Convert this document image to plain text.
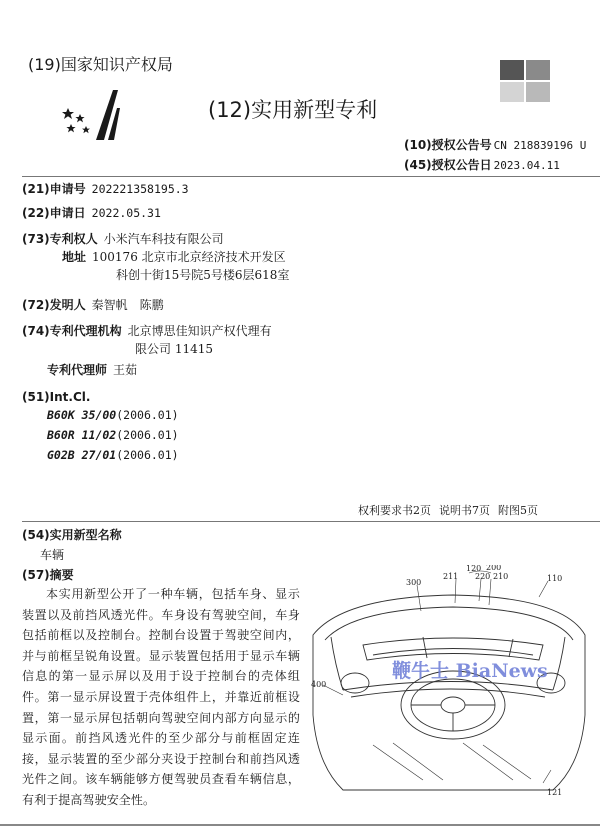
(19)国家知识产权局
(12)实用新型专利
(10)授权公告号 CN 218839196 U
(45)授权公告日 2023.04.11
(21)申请号 202221358195.3
(22)申请日 2022.05.31
(73)专利权人 小米汽车科技有限公司
地址 100176 北京市北京经济技术开发区
科创十街15号院5号楼6层618室
(72)发明人 秦智帆　陈鹏
(74)专利代理机构 北京博思佳知识产权代理有
限公司 11415
专利代理师 王茹
(51)Int.Cl.
B60K 35/00(2006.01)
B60R 11/02(2006.01)
G02B 27/01(2006.01)
权利要求书2页 说明书7页 附图5页
(54)实用新型名称
车辆
(57)摘要
本实用新型公开了一种车辆，包括车身、显示装置以及前挡风透光件。车身设有驾驶空间，车身包括前框以及控制台。控制台设置于驾驶空间内，并与前框呈锐角设置。显示装置包括用于显示车辆信息的第一显示屏以及用于设于控制台的壳体组件。第一显示屏设置于壳体组件上，并靠近前框设置，第一显示屏包括朝向驾驶空间内部方向显示的显示面。前挡风透光件的至少部分与前框固定连接，显示装置的至少部分夹设于控制台和前挡风透光件之间。该车辆能够方便驾驶员查看车辆信息，有利于提高驾驶安全性。
300
211
120 200
220 210	110
400
121
鞭牛士 BiaNews
